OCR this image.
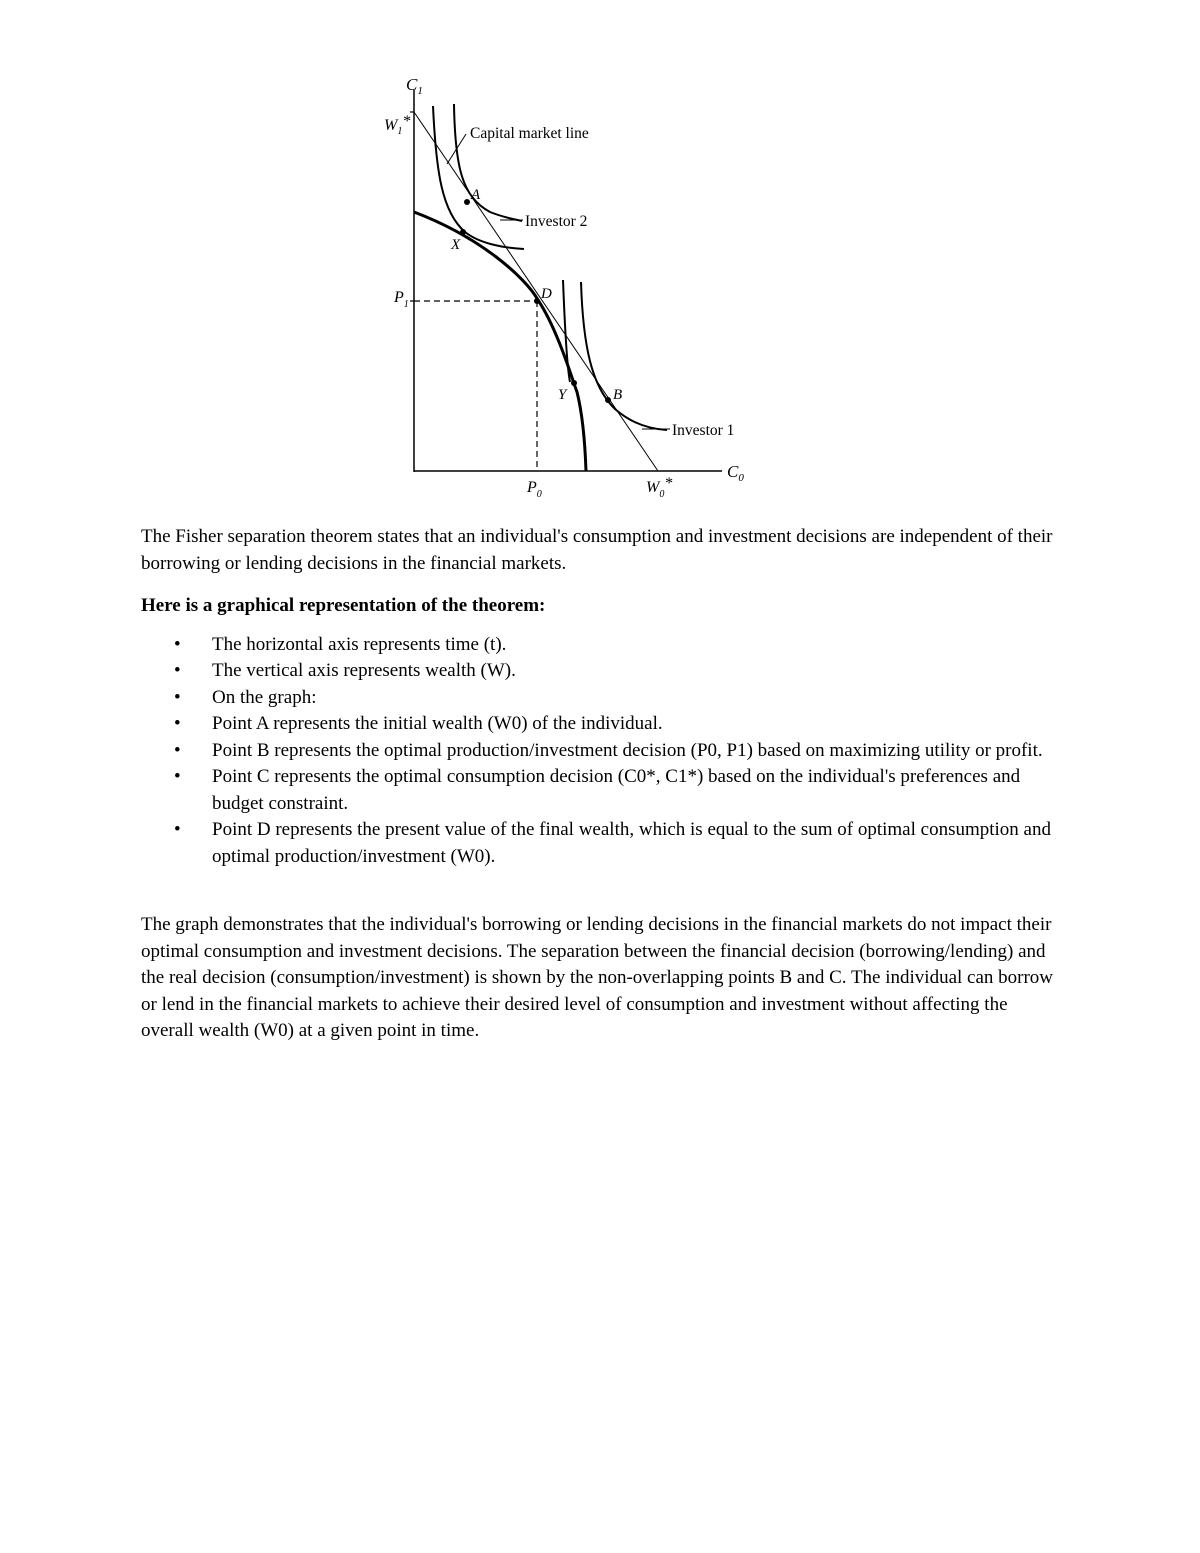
$C_1$
$W_1*$
Capital market line
Investor 2
Investor 1
$P_1$
$P_0$	$W_0*$
$C_0$
A
X
D
Y	B

The Fisher separation theorem states that an individual's consumption and investment decisions are independent of their borrowing or lending decisions in the financial markets.

Here is a graphical representation of the theorem:

• The horizontal axis represents time (t).
• The vertical axis represents wealth (W).
• On the graph:
• Point A represents the initial wealth (W0) of the individual.
• Point B represents the optimal production/investment decision (P0, P1) based on maximizing utility or profit.
• Point C represents the optimal consumption decision (C0*, C1*) based on the individual's preferences and budget constraint.
• Point D represents the present value of the final wealth, which is equal to the sum of optimal consumption and optimal production/investment (W0).

The graph demonstrates that the individual's borrowing or lending decisions in the financial markets do not impact their optimal consumption and investment decisions. The separation between the financial decision (borrowing/lending) and the real decision (consumption/investment) is shown by the non-overlapping points B and C. The individual can borrow or lend in the financial markets to achieve their desired level of consumption and investment without affecting the overall wealth (W0) at a given point in time.
